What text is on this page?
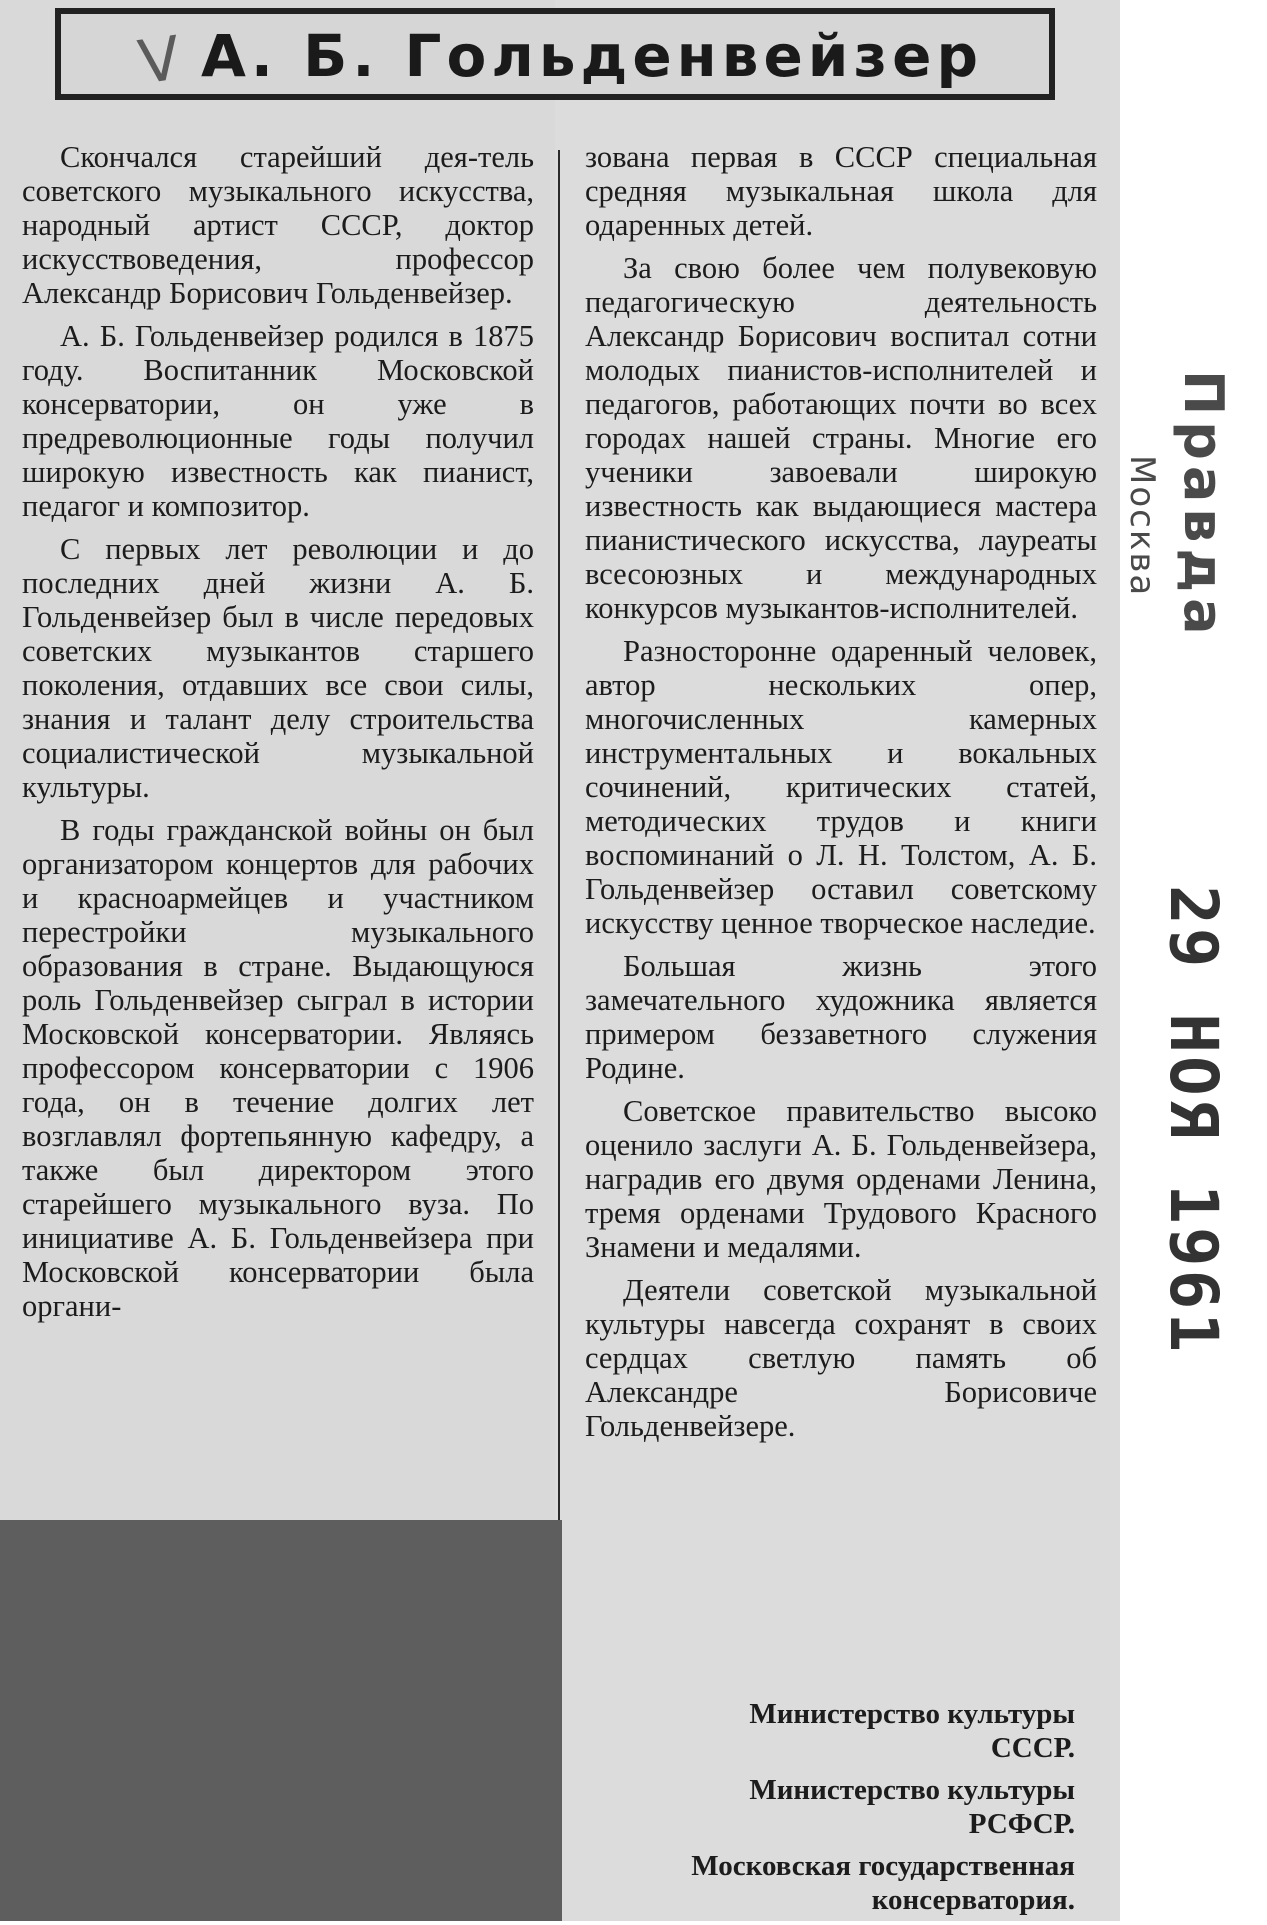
V А. Б. Гольденвейзер

Скончался старейший дея-тель советского музыкального искусства, народный артист СССР, доктор искусствоведения, профессор Александр Борисович Гольденвейзер.

А. Б. Гольденвейзер родился в 1875 году. Воспитанник Московской консерватории, он уже в предреволюционные годы получил широкую известность как пианист, педагог и композитор.

С первых лет революции и до последних дней жизни А. Б. Гольденвейзер был в числе передовых советских музыкантов старшего поколения, отдавших все свои силы, знания и талант делу строительства социалистической музыкальной культуры.

В годы гражданской войны он был организатором концертов для рабочих и красноармейцев и участником перестройки музыкального образования в стране. Выдающуюся роль Гольденвейзер сыграл в истории Московской консерватории. Являясь профессором консерватории с 1906 года, он в течение долгих лет возглавлял фортепьянную кафедру, а также был директором этого старейшего музыкального вуза. По инициативе А. Б. Гольденвейзера при Московской консерватории была органи-

зована первая в СССР специальная средняя музыкальная школа для одаренных детей.

За свою более чем полувековую педагогическую деятельность Александр Борисович воспитал сотни молодых пианистов-исполнителей и педагогов, работающих почти во всех городах нашей страны. Многие его ученики завоевали широкую известность как выдающиеся мастера пианистического искусства, лауреаты всесоюзных и международных конкурсов музыкантов-исполнителей.

Разносторонне одаренный человек, автор нескольких опер, многочисленных камерных инструментальных и вокальных сочинений, критических статей, методических трудов и книги воспоминаний о Л. Н. Толстом, А. Б. Гольденвейзер оставил советскому искусству ценное творческое наследие.

Большая жизнь этого замечательного художника является примером беззаветного служения Родине.

Советское правительство высоко оценило заслуги А. Б. Гольденвейзера, наградив его двумя орденами Ленина, тремя орденами Трудового Красного Знамени и медалями.

Деятели советской музыкальной культуры навсегда сохранят в своих сердцах светлую память об Александре Борисовиче Гольденвейзере.

Министерство культуры
СССР.
Министерство культуры
РСФСР.
Московская государственная
консерватория.
Правда
Москва
29 НОЯ 1961
